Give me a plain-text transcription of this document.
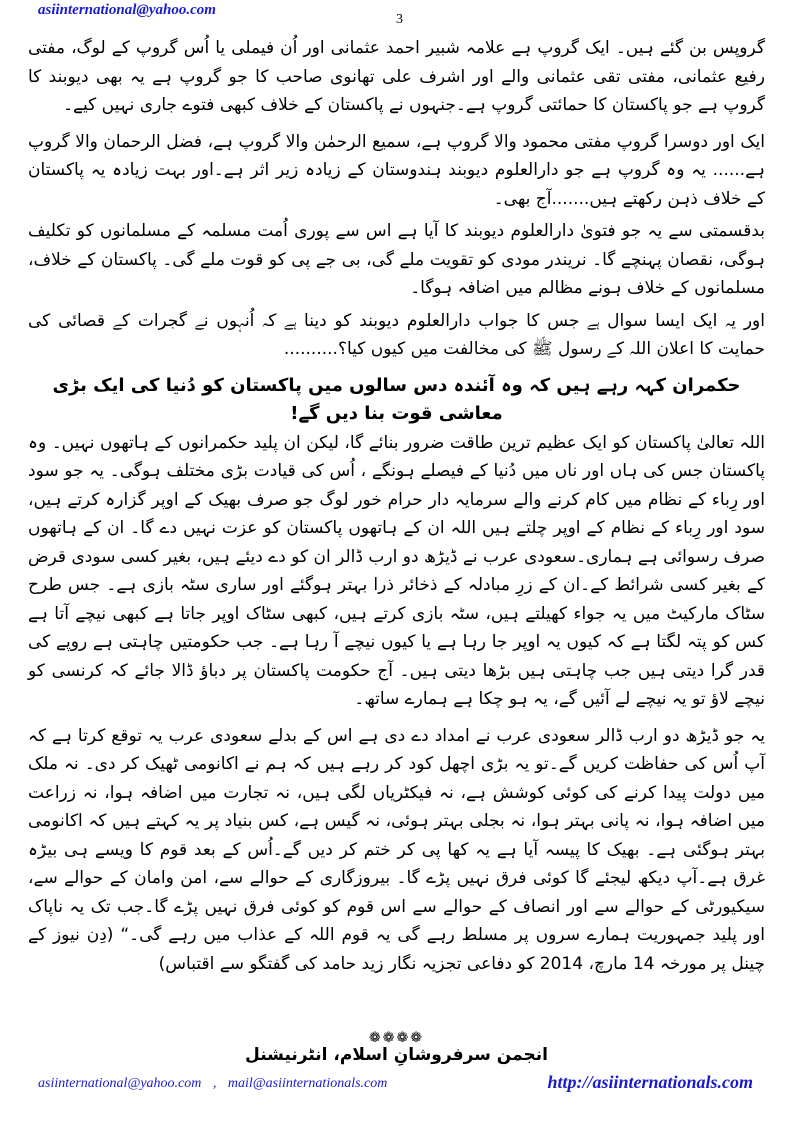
asiinternational@yahoo.com
3

گروپس بن گئے ہیں۔ ایک گروپ ہے علامہ شبیر احمد عثمانی اور اُن فیملی یا اُس گروپ کے لوگ، مفتی رفیع عثمانی، مفتی تقی عثمانی والے اور اشرف علی تھانوی صاحب کا جو گروپ ہے یہ بھی دیوبند کا گروپ ہے جو پاکستان کا حمائتی گروپ ہے۔جنہوں نے پاکستان کے خلاف کبھی فتوے جاری نہیں کیے۔

ایک اور دوسرا گروپ مفتی محمود والا گروپ ہے، سمیع الرحمٰن والا گروپ ہے، فضل الرحمان والا گروپ ہے...... یہ وہ گروپ ہے جو دارالعلوم دیوبند ہندوستان کے زیادہ زیر اثر ہے۔اور بہت زیادہ یہ پاکستان کے خلاف ذہن رکھتے ہیں.......آج بھی۔

بدقسمتی سے یہ جو فتویٰ دارالعلوم دیوبند کا آیا ہے اس سے پوری اُمت مسلمہ کے مسلمانوں کو تکلیف ہوگی، نقصان پہنچے گا۔ نریندر مودی کو تقویت ملے گی، بی جے پی کو قوت ملے گی۔ پاکستان کے خلاف، مسلمانوں کے خلاف ہونے مظالم میں اضافہ ہوگا۔

اور یہ ایک ایسا سوال ہے جس کا جواب دارالعلوم دیوبند کو دینا ہے کہ اُنہوں نے گجرات کے قصائی کی حمایت کا اعلان اللہ کے رسول ﷺ کی مخالفت میں کیوں کیا؟..........

حکمران کہہ رہے ہیں کہ وہ آئندہ دس سالوں میں پاکستان کو دُنیا کی ایک بڑی معاشی قوت بنا دیں گے!

اللہ تعالیٰ پاکستان کو ایک عظیم ترین طاقت ضرور بنائے گا، لیکن ان پلید حکمرانوں کے ہاتھوں نہیں۔ وہ پاکستان جس کی ہاں اور ناں میں دُنیا کے فیصلے ہونگے ، اُس کی قیادت بڑی مختلف ہوگی۔ یہ جو سود اور رِباء کے نظام میں کام کرنے والے سرمایہ دار حرام خور لوگ جو صرف بھیک کے اوپر گزارہ کرتے ہیں، سود اور رِباء کے نظام کے اوپر چلتے ہیں اللہ ان کے ہاتھوں پاکستان کو عزت نہیں دے گا۔ ان کے ہاتھوں صرف رسوائی ہے ہماری۔سعودی عرب نے ڈیڑھ دو ارب ڈالر ان کو دے دیئے ہیں، بغیر کسی سودی قرض کے بغیر کسی شرائط کے۔ان کے زرِ مبادلہ کے ذخائر ذرا بہتر ہوگئے اور ساری سٹہ بازی ہے۔ جس طرح سٹاک مارکیٹ میں یہ جواء کھیلتے ہیں، سٹہ بازی کرتے ہیں، کبھی سٹاک اوپر جاتا ہے کبھی نیچے آتا ہے کس کو پتہ لگتا ہے کہ کیوں یہ اوپر جا رہا ہے یا کیوں نیچے آ رہا ہے۔ جب حکومتیں چاہتی ہے روپے کی قدر گرا دیتی ہیں جب چاہتی ہیں بڑھا دیتی ہیں۔ آج حکومت پاکستان پر دباؤ ڈالا جائے کہ کرنسی کو نیچے لاؤ تو یہ نیچے لے آئیں گے، یہ ہو چکا ہے ہمارے ساتھ۔

یہ جو ڈیڑھ دو ارب ڈالر سعودی عرب نے امداد دے دی ہے اس کے بدلے سعودی عرب یہ توقع کرتا ہے کہ آپ اُس کی حفاظت کریں گے۔تو یہ بڑی اچھل کود کر رہے ہیں کہ ہم نے اکانومی ٹھیک کر دی۔ نہ ملک میں دولت پیدا کرنے کی کوئی کوشش ہے، نہ فیکٹریاں لگی ہیں، نہ تجارت میں اضافہ ہوا، نہ زراعت میں اضافہ ہوا، نہ پانی بہتر ہوا، نہ بجلی بہتر ہوئی، نہ گیس ہے، کس بنیاد پر یہ کہتے ہیں کہ اکانومی بہتر ہوگئی ہے۔ بھیک کا پیسہ آیا ہے یہ کھا پی کر ختم کر دیں گے۔اُس کے بعد قوم کا ویسے ہی بیڑہ غرق ہے۔آپ دیکھ لیجئے گا کوئی فرق نہیں پڑے گا۔ بیروزگاری کے حوالے سے، امن وامان کے حوالے سے، سیکیورٹی کے حوالے سے اور انصاف کے حوالے سے اس قوم کو کوئی فرق نہیں پڑے گا۔جب تک یہ ناپاک اور پلید جمہوریت ہمارے سروں پر مسلط رہے گی یہ قوم اللہ کے عذاب میں رہے گی۔“ (دِن نیوز کے چینل پر مورخہ 14 مارچ، 2014 کو دفاعی تجزیہ نگار زید حامد کی گفتگو سے اقتباس)

❁❁❁❁
انجمن سرفروشانِ اسلام، انٹرنیشنل
asiinternational@yahoo.com , mail@asiinternationals.com	http://asiinternationals.com
